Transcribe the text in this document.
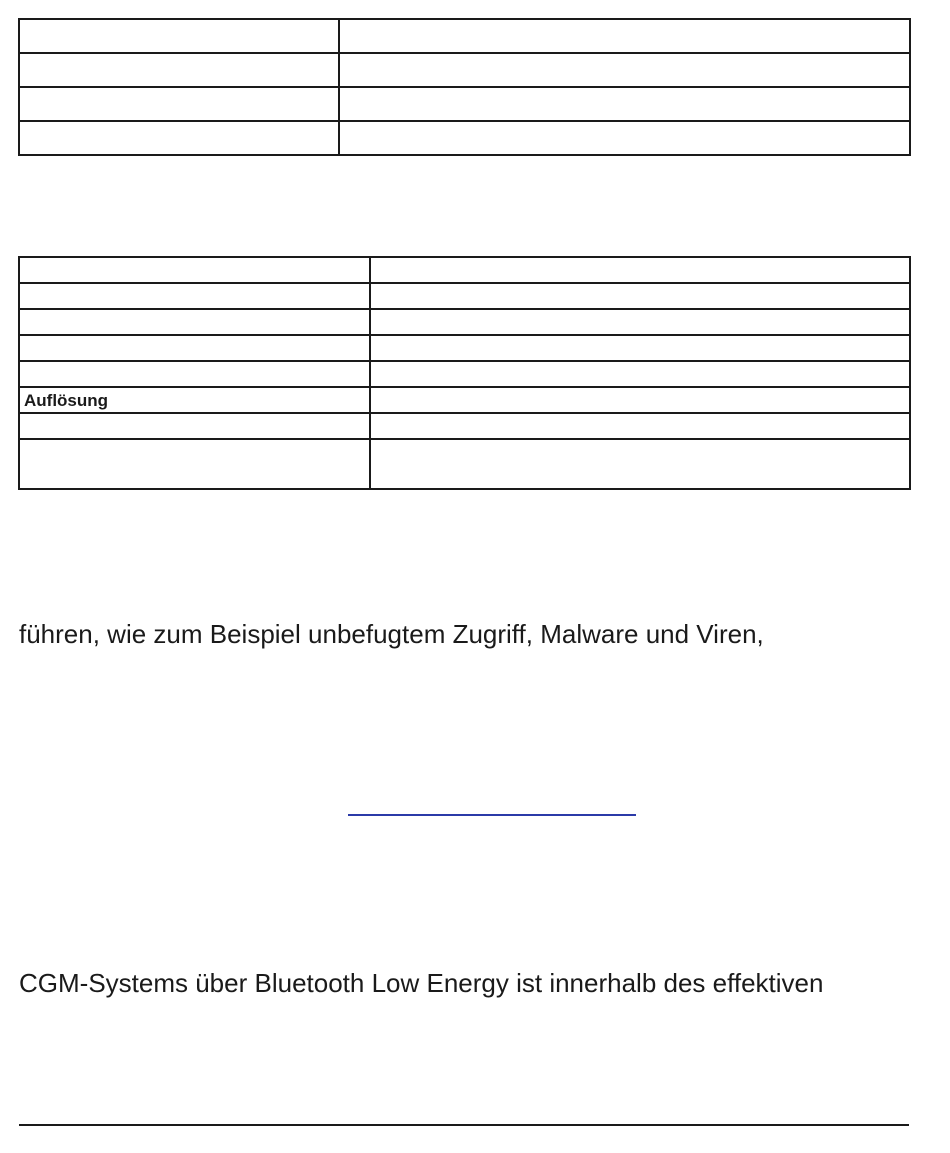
Auflösung	

führen, wie zum Beispiel unbefugtem Zugriff, Malware und Viren,

CGM-Systems über Bluetooth Low Energy ist innerhalb des effektiven
